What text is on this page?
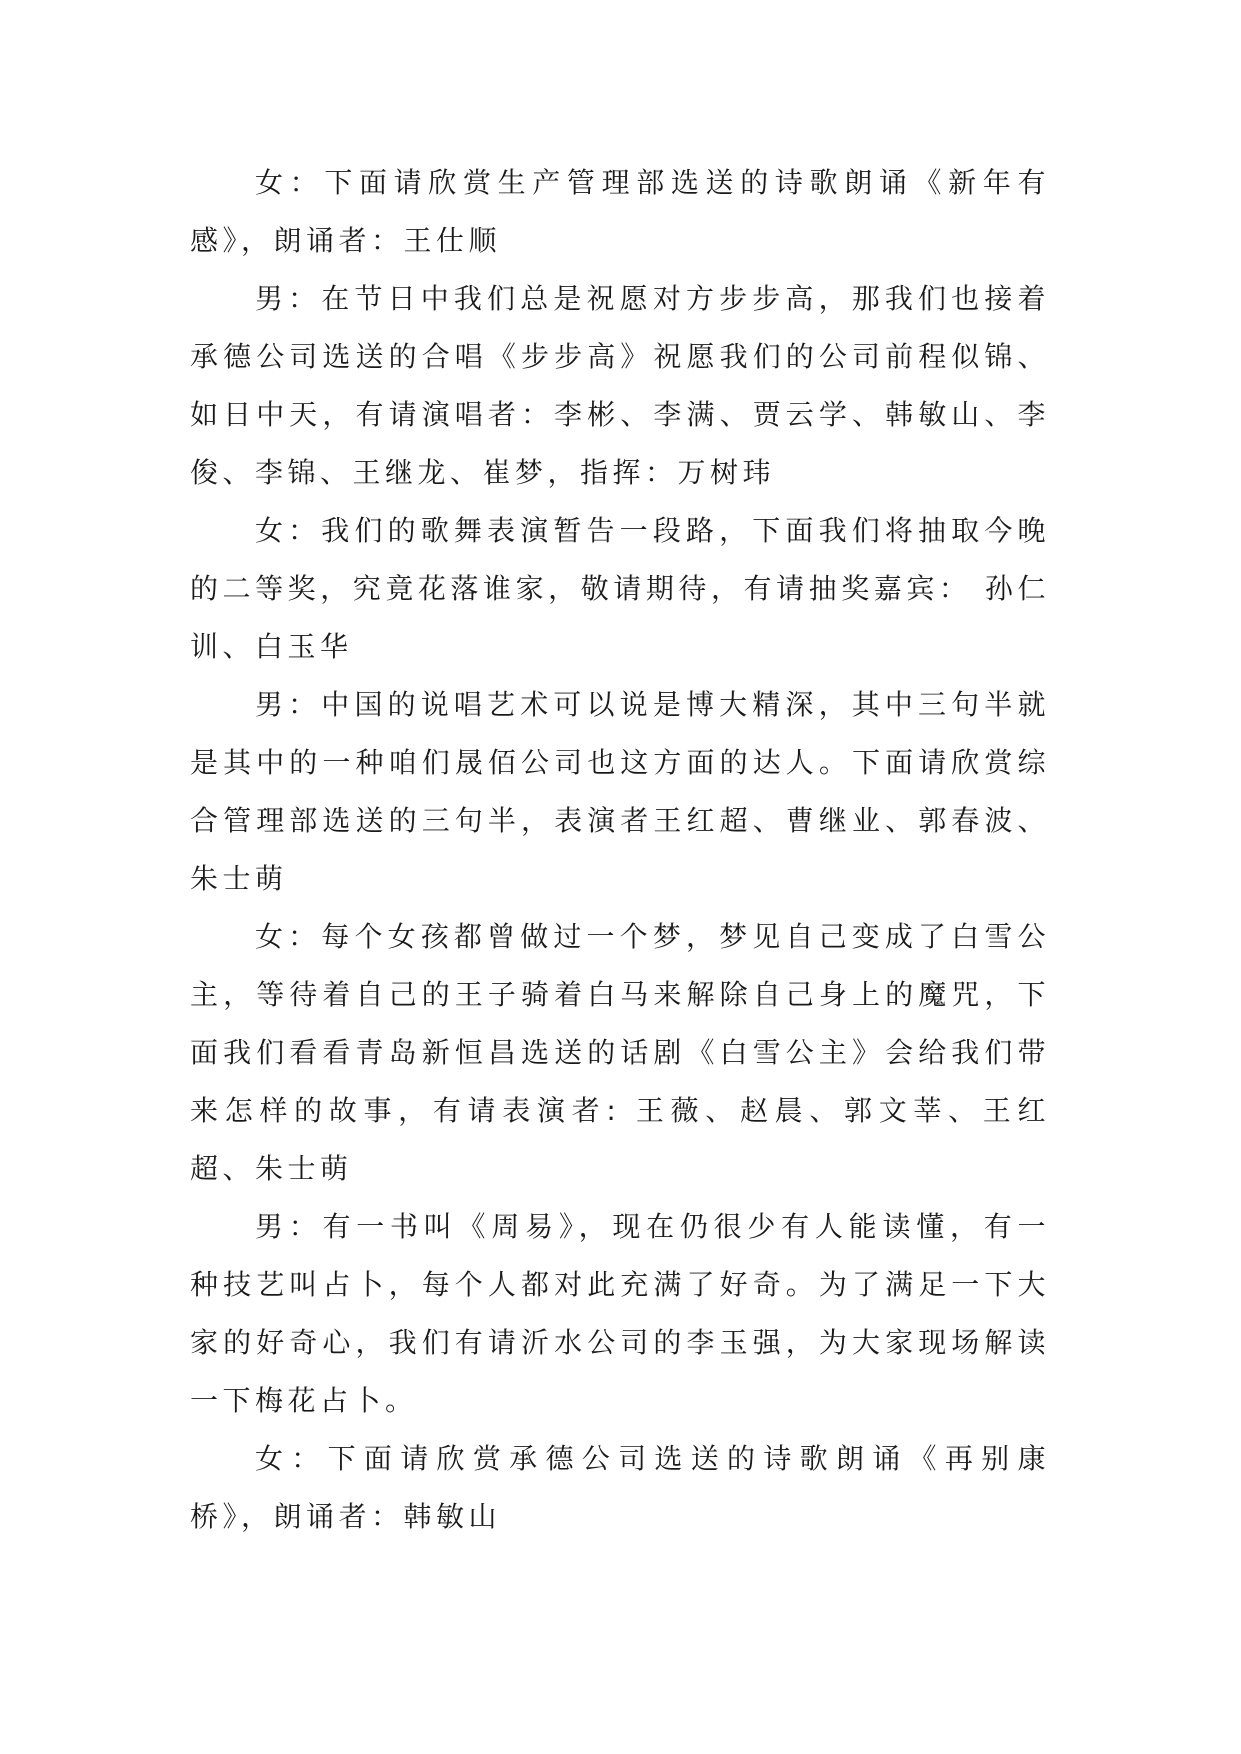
女：下面请欣赏生产管理部选送的诗歌朗诵《新年有感》，朗诵者：王仕顺

男：在节日中我们总是祝愿对方步步高，那我们也接着承德公司选送的合唱《步步高》祝愿我们的公司前程似锦、如日中天，有请演唱者：李彬、李满、贾云学、韩敏山、李俊、李锦、王继龙、崔梦，指挥：万树玮

女：我们的歌舞表演暂告一段路，下面我们将抽取今晚的二等奖，究竟花落谁家，敬请期待，有请抽奖嘉宾： 孙仁训、白玉华

男：中国的说唱艺术可以说是博大精深，其中三句半就是其中的一种咱们晟佰公司也这方面的达人。下面请欣赏综合管理部选送的三句半，表演者王红超、曹继业、郭春波、朱士萌

女：每个女孩都曾做过一个梦，梦见自己变成了白雪公主，等待着自己的王子骑着白马来解除自己身上的魔咒，下面我们看看青岛新恒昌选送的话剧《白雪公主》会给我们带来怎样的故事，有请表演者: 王薇、赵晨、郭文莘、王红超、朱士萌

男：有一书叫《周易》，现在仍很少有人能读懂，有一种技艺叫占卜，每个人都对此充满了好奇。为了满足一下大家的好奇心，我们有请沂水公司的李玉强，为大家现场解读一下梅花占卜。

女：下面请欣赏承德公司选送的诗歌朗诵《再别康桥》，朗诵者：韩敏山
